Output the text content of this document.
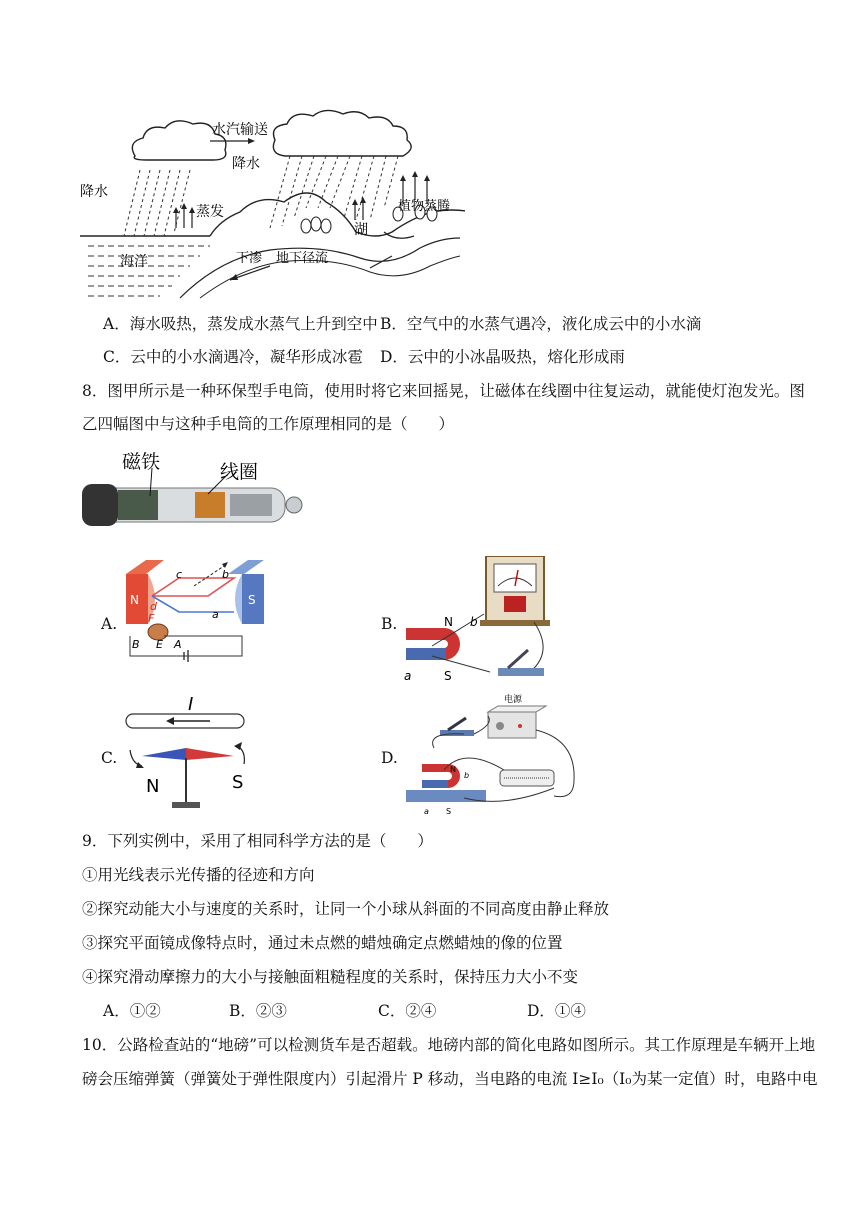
水汽输送
降水
降水
蒸发
湖
植物蒸腾
海洋	下渗 地下径流
A．海水吸热，蒸发成水蒸气上升到空中 B．空气中的水蒸气遇冷，液化成云中的小水滴
C．云中的小水滴遇冷，凝华形成冰雹 D．云中的小冰晶吸热，熔化形成雨
8．图甲所示是一种环保型手电筒，使用时将它来回摇晃，让磁体在线圈中往复运动，就能使灯泡发光。图
乙四幅图中与这种手电筒的工作原理相同的是（　　）
磁铁	线圈
A.	B.
C.	D.
N	S
c	b
d
F	a
B E A
N b
a	S
I
N	S
电源
N
b
a S
9．下列实例中，采用了相同科学方法的是（　　）
①用光线表示光传播的径迹和方向
②探究动能大小与速度的关系时，让同一个小球从斜面的不同高度由静止释放
③探究平面镜成像特点时，通过未点燃的蜡烛确定点燃蜡烛的像的位置
④探究滑动摩擦力的大小与接触面粗糙程度的关系时，保持压力大小不变
A．①②	B．②③	C．②④	D．①④
10．公路检查站的“地磅”可以检测货车是否超载。地磅内部的简化电路如图所示。其工作原理是车辆开上地
磅会压缩弹簧（弹簧处于弹性限度内）引起滑片 P 移动，当电路的电流 I≥I₀（I₀为某一定值）时，电路中电
